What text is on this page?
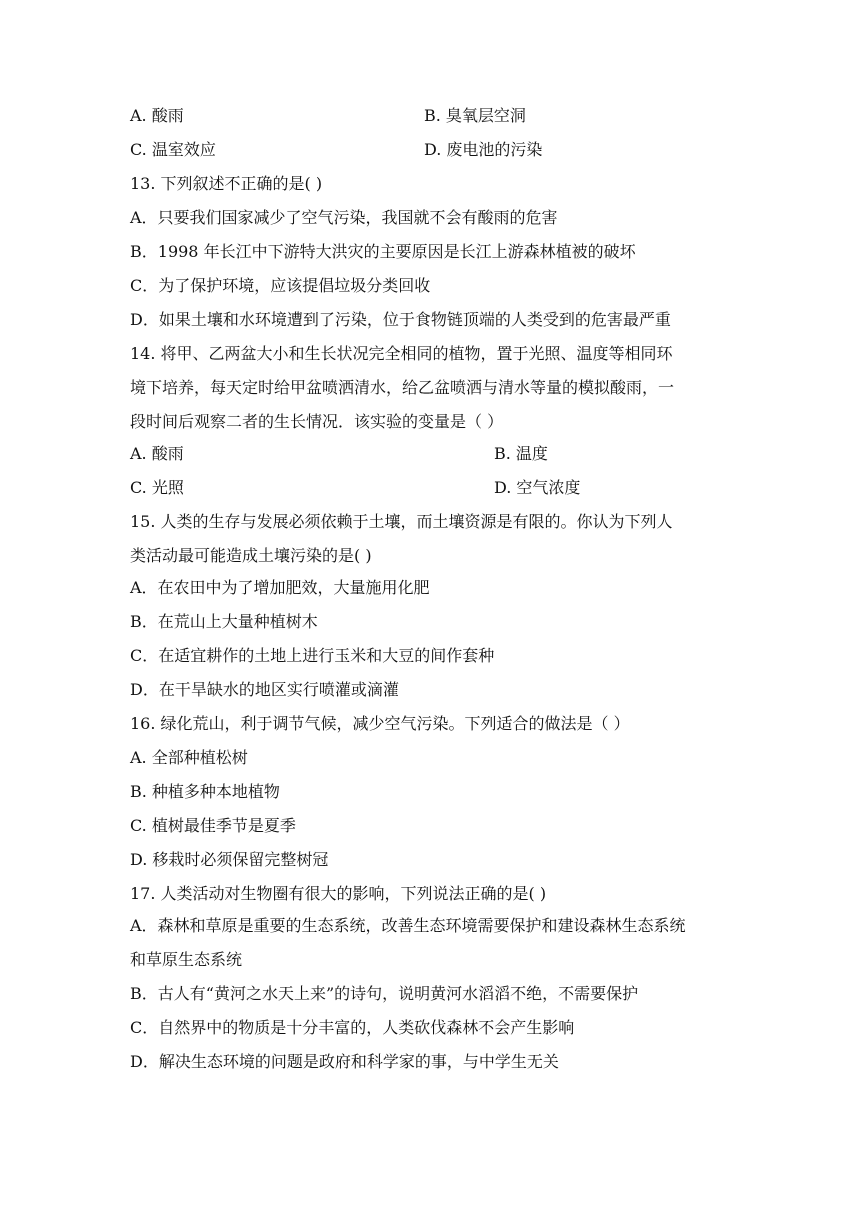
A. 酸雨	B. 臭氧层空洞
C. 温室效应	D. 废电池的污染
13. 下列叙述不正确的是( )
A．只要我们国家减少了空气污染，我国就不会有酸雨的危害
B．1998 年长江中下游特大洪灾的主要原因是长江上游森林植被的破坏
C．为了保护环境，应该提倡垃圾分类回收
D．如果土壤和水环境遭到了污染，位于食物链顶端的人类受到的危害最严重
14. 将甲、乙两盆大小和生长状况完全相同的植物，置于光照、温度等相同环
境下培养，每天定时给甲盆喷洒清水，给乙盆喷洒与清水等量的模拟酸雨，一
段时间后观察二者的生长情况．该实验的变量是（ ）
A. 酸雨	B. 温度
C. 光照	D. 空气浓度
15. 人类的生存与发展必须依赖于土壤，而土壤资源是有限的。你认为下列人
类活动最可能造成土壤污染的是( )
A．在农田中为了增加肥效，大量施用化肥
B．在荒山上大量种植树木
C．在适宜耕作的土地上进行玉米和大豆的间作套种
D．在干旱缺水的地区实行喷灌或滴灌
16. 绿化荒山，利于调节气候，减少空气污染。下列适合的做法是（ ）
A. 全部种植松树
B. 种植多种本地植物
C. 植树最佳季节是夏季
D. 移栽时必须保留完整树冠
17. 人类活动对生物圈有很大的影响，下列说法正确的是( )
A．森林和草原是重要的生态系统，改善生态环境需要保护和建设森林生态系统
和草原生态系统
B．古人有“黄河之水天上来”的诗句，说明黄河水滔滔不绝，不需要保护
C．自然界中的物质是十分丰富的，人类砍伐森林不会产生影响
D．解决生态环境的问题是政府和科学家的事，与中学生无关
